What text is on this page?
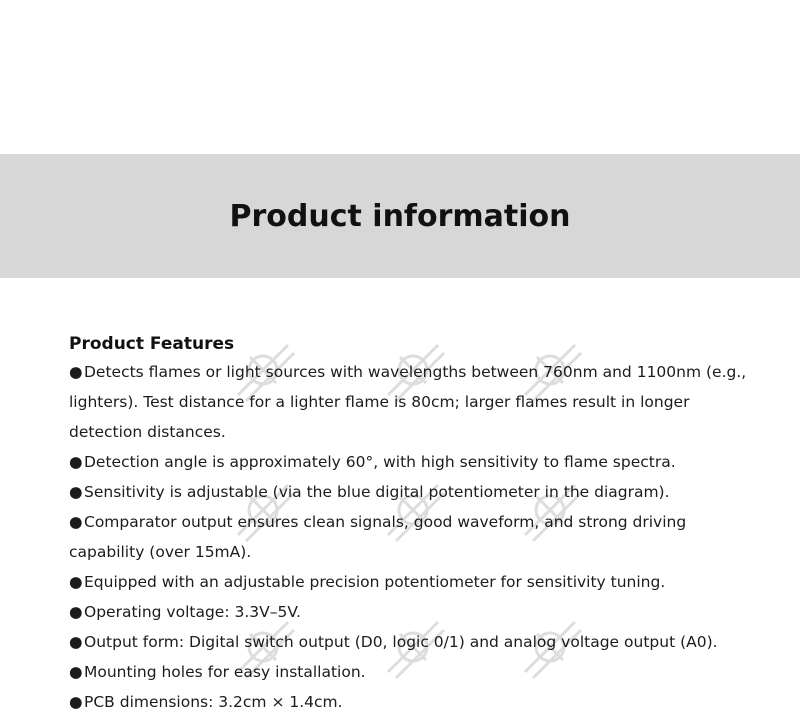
Product information
Product Features
●Detects flames or light sources with wavelengths between 760nm and 1100nm (e.g., lighters). Test distance for a lighter flame is 80cm; larger flames result in longer detection distances.
●Detection angle is approximately 60°, with high sensitivity to flame spectra.
●Sensitivity is adjustable (via the blue digital potentiometer in the diagram).
●Comparator output ensures clean signals, good waveform, and strong driving capability (over 15mA).
●Equipped with an adjustable precision potentiometer for sensitivity tuning.
●Operating voltage: 3.3V–5V.
●Output form: Digital switch output (D0, logic 0/1) and analog voltage output (A0).
●Mounting holes for easy installation.
●PCB dimensions: 3.2cm × 1.4cm.
